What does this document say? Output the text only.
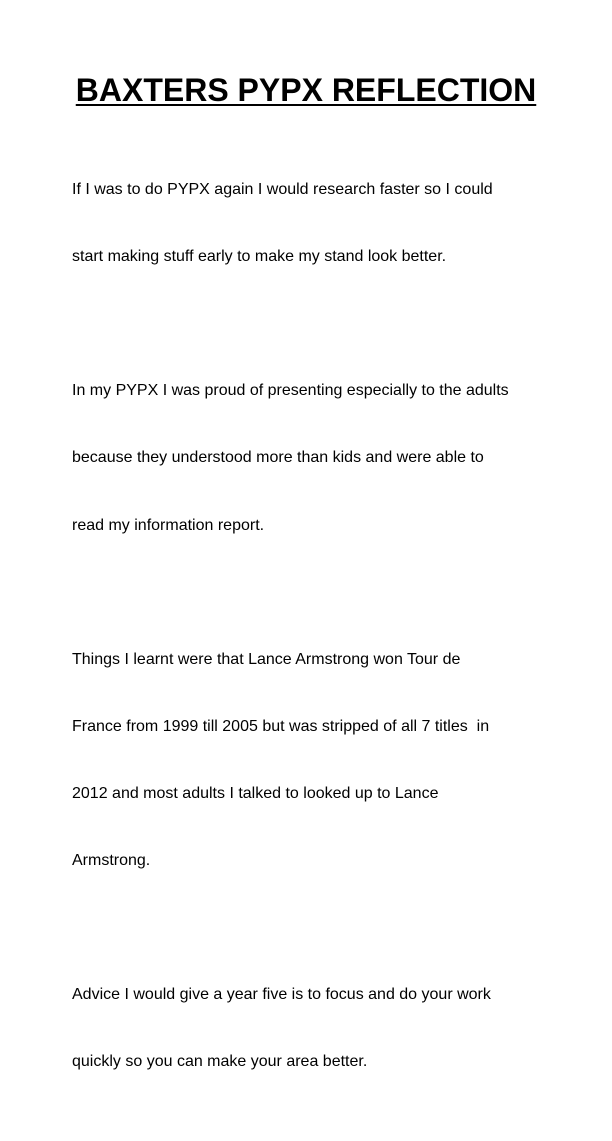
BAXTERS PYPX REFLECTION

If I was to do PYPX again I would research faster so I could

start making stuff early to make my stand look better.

In my PYPX I was proud of presenting especially to the adults

because they understood more than kids and were able to

read my information report.

Things I learnt were that Lance Armstrong won Tour de

France from 1999 till 2005 but was stripped of all 7 titles  in

2012 and most adults I talked to looked up to Lance

Armstrong.

Advice I would give a year five is to focus and do your work

quickly so you can make your area better.
